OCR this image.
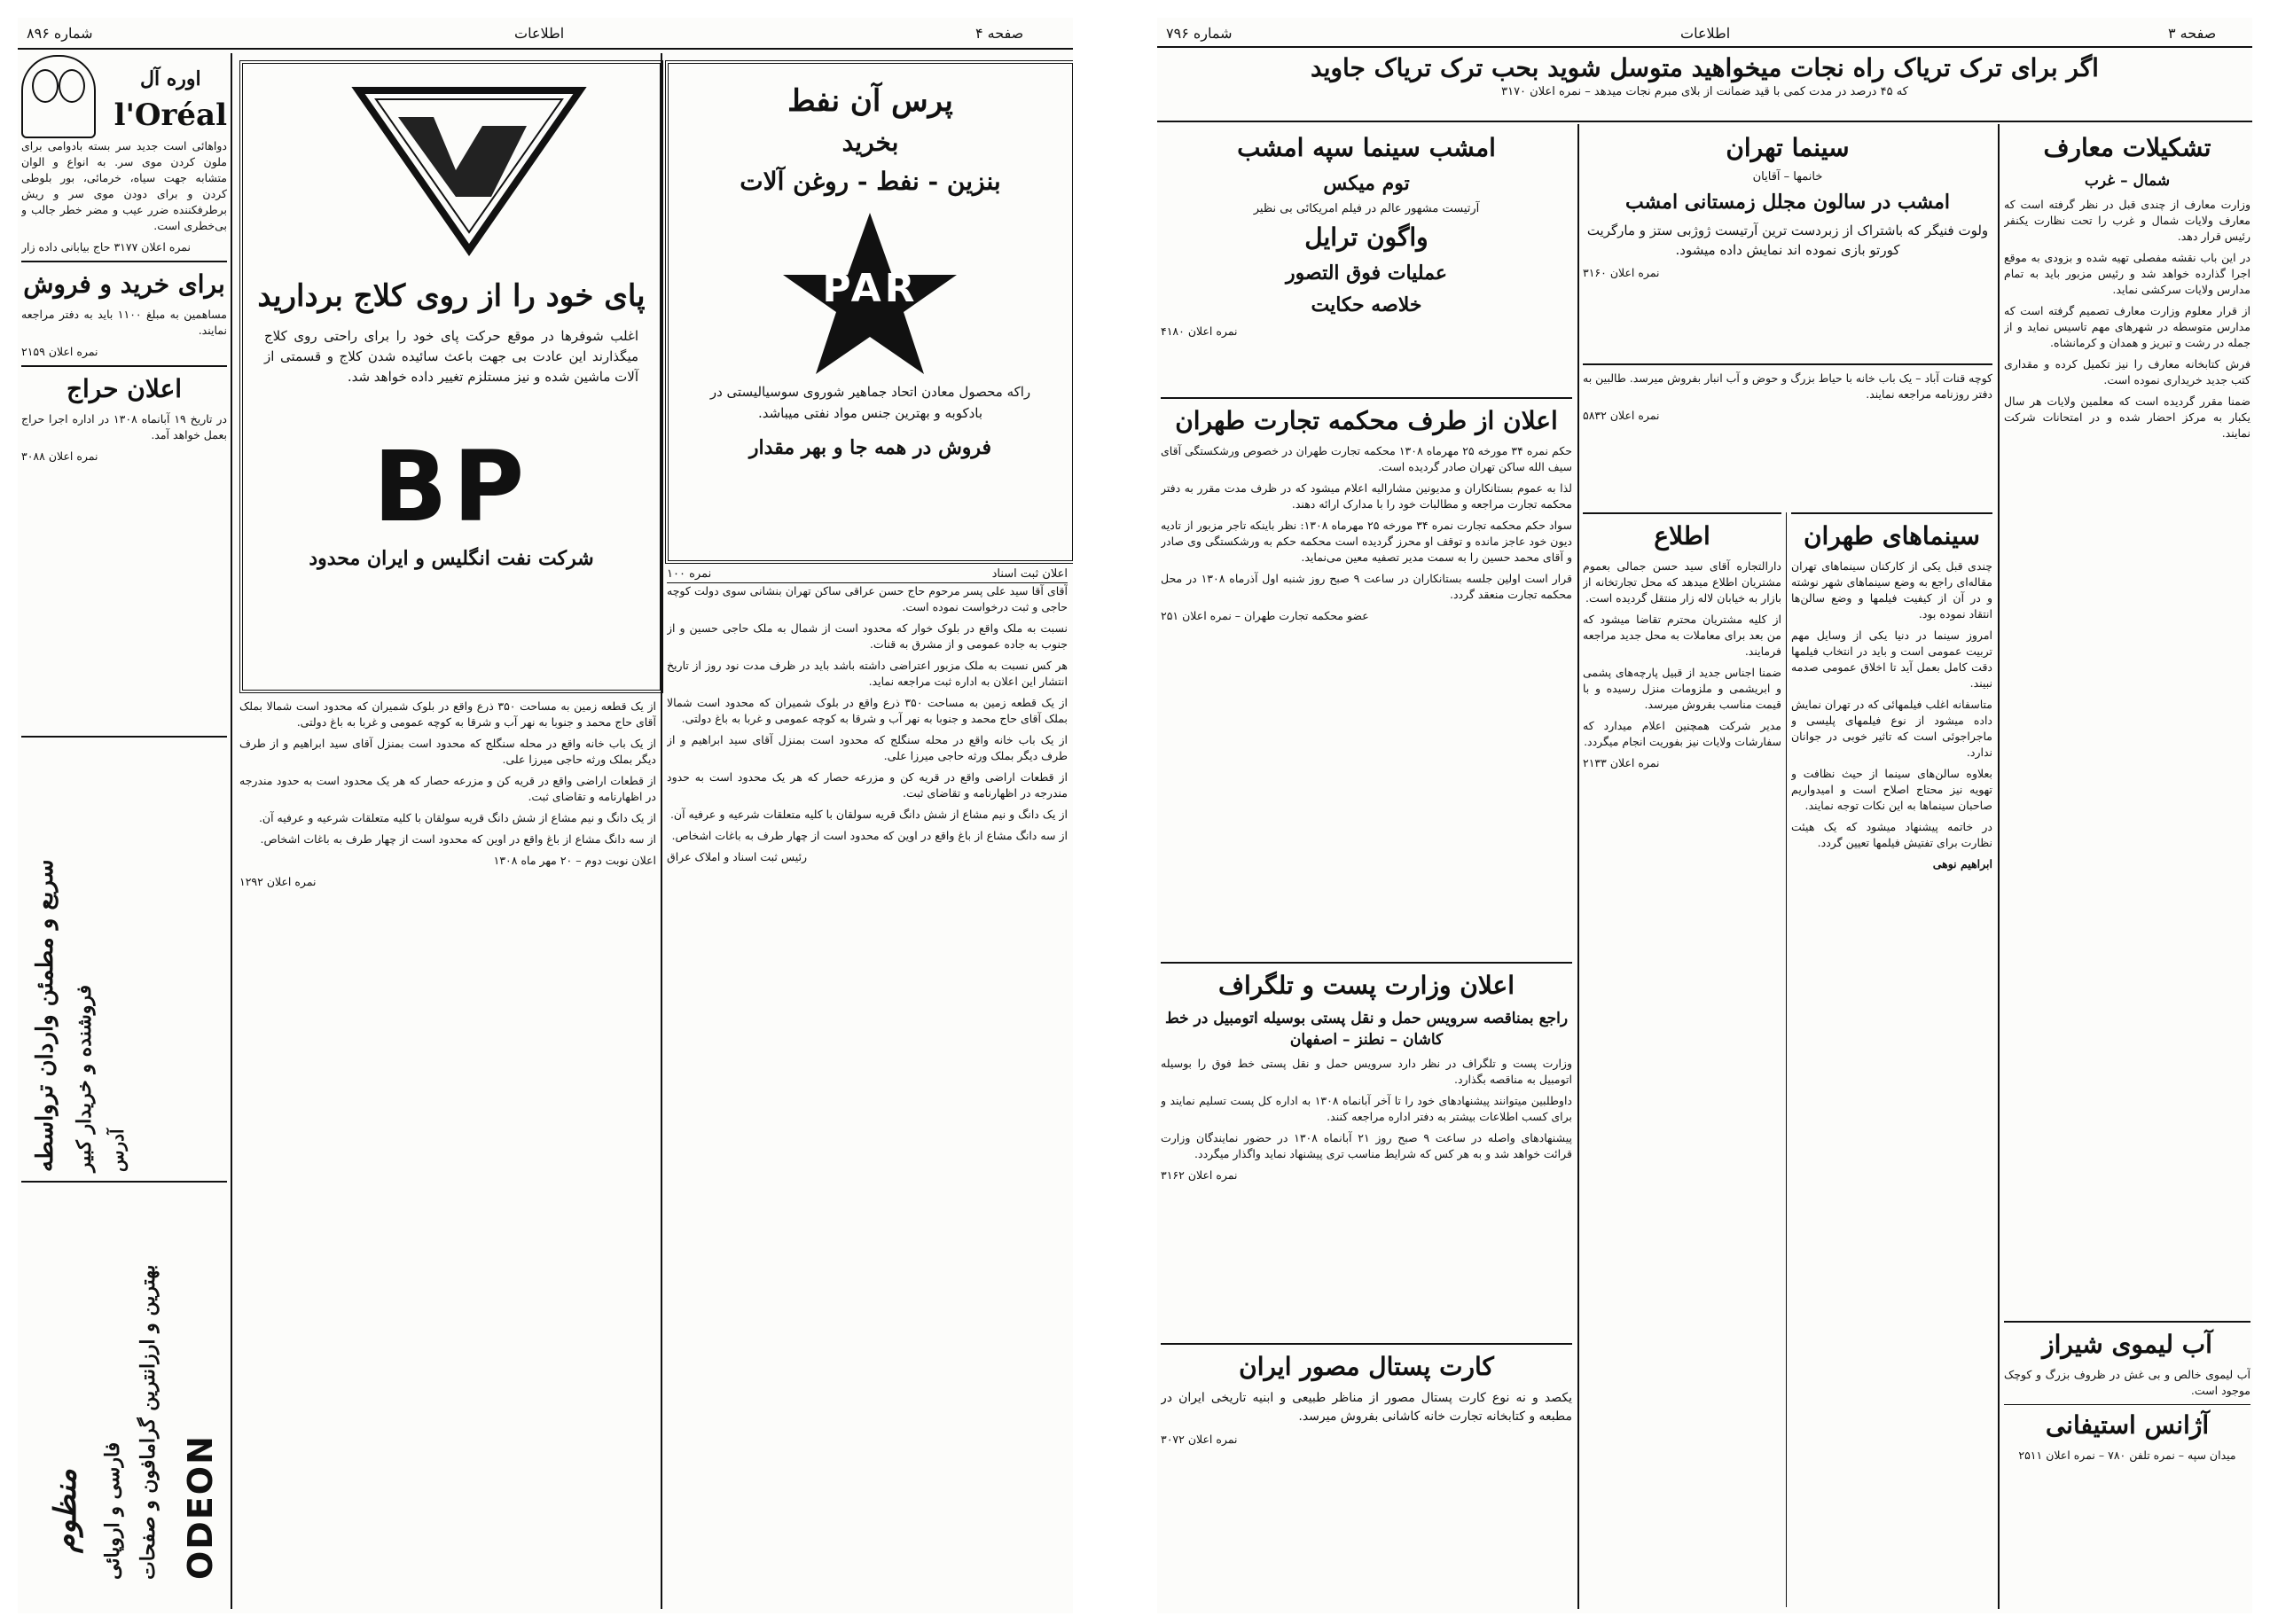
شماره ۸۹۶	اطلاعات	صفحه ۴
اوره آل
l'Oréal

دواهائی است جدید سر بسته بادوامی برای ملون کردن موی سر. به انواع و الوان متشابه جهت سیاه، خرمائی، بور بلوطی کردن و برای دودن موی سر و ریش برطرفکننده ضرر عیب و مضر خطر جالب و بی‌خطری است.

نمره اعلان ۳۱۷۷ حاج بیابانی داده زار

برای خرید و فروش

مساهمین به مبلغ ۱۱۰۰ باید به دفتر مراجعه نمایند.

نمره اعلان ۲۱۵۹

اعلان حراج

در تاریخ ۱۹ آبانماه ۱۳۰۸ در اداره اجرا حراج بعمل خواهد آمد.

نمره اعلان ۳۰۸۸

سریع و مطمئن واردان ترواسطه فروشنده و خریدار کبیر آدرس
ODEON
بهترین و ارزانترین گرامافون و صفحات
فارسی و اروپائی
منظوم
پای خود را از روی کلاج بردارید

اغلب شوفرها در موقع حرکت پای خود را برای راحتی روی کلاج میگذارند این عادت بی جهت باعث سائیده شدن کلاج و قسمتی از آلات ماشین شده و نیز مستلزم تغییر داده خواهد شد.

BP
شرکت نفت انگلیس و ایران محدود
پرس آن نفط
بخرید
بنزین - نفط - روغن آلات
PAR

راکه محصول معادن اتحاد جماهیر شوروی سوسیالیستی در بادکوبه و بهترین جنس مواد نفتی میباشد.

فروش در همه جا و بهر مقدار
اعلان ثبت اسناد
نمره ۱۰۰

آقای آقا سید علی پسر مرحوم حاج حسن عراقی ساکن تهران بنشانی سوی دولت کوچه حاجی و ثبت درخواست نموده است.

نسبت به ملک واقع در بلوک خوار که محدود است از شمال به ملک حاجی حسین و از جنوب به جاده عمومی و از مشرق به قنات.

هر کس نسبت به ملک مزبور اعتراضی داشته باشد باید در ظرف مدت نود روز از تاریخ انتشار این اعلان به اداره ثبت مراجعه نماید.

از یک قطعه زمین به مساحت ۳۵۰ ذرع واقع در بلوک شمیران که محدود است شمالا بملک آقای حاج محمد و جنوبا به نهر آب و شرقا به کوچه عمومی و غربا به باغ دولتی.

از یک باب خانه واقع در محله سنگلج که محدود است بمنزل آقای سید ابراهیم و از طرف دیگر بملک ورثه حاجی میرزا علی.

از قطعات اراضی واقع در قریه کن و مزرعه حصار که هر یک محدود است به حدود مندرجه در اظهارنامه و تقاضای ثبت.

از یک دانگ و نیم مشاع از شش دانگ قریه سولقان با کلیه متعلقات شرعیه و عرفیه آن.

از سه دانگ مشاع از باغ واقع در اوین که محدود است از چهار طرف به باغات اشخاص.

رئیس ثبت اسناد و املاک عراق

از یک قطعه زمین به مساحت ۳۵۰ ذرع واقع در بلوک شمیران که محدود است شمالا بملک آقای حاج محمد و جنوبا به نهر آب و شرقا به کوچه عمومی و غربا به باغ دولتی.

از یک باب خانه واقع در محله سنگلج که محدود است بمنزل آقای سید ابراهیم و از طرف دیگر بملک ورثه حاجی میرزا علی.

از قطعات اراضی واقع در قریه کن و مزرعه حصار که هر یک محدود است به حدود مندرجه در اظهارنامه و تقاضای ثبت.

از یک دانگ و نیم مشاع از شش دانگ قریه سولقان با کلیه متعلقات شرعیه و عرفیه آن.

از سه دانگ مشاع از باغ واقع در اوین که محدود است از چهار طرف به باغات اشخاص.

اعلان نوبت دوم – ۲۰ مهر ماه ۱۳۰۸

نمره اعلان ۱۲۹۲

شماره ۷۹۶	اطلاعات	صفحه ۳
اگر برای ترک تریاک راه نجات میخواهید متوسل شوید بحب ترک تریاک جاوید
که ۴۵ درصد در مدت کمی با قید ضمانت از بلای مبرم نجات میدهد – نمره اعلان ۳۱۷۰
تشکیلات معارف
شمال – غرب

وزارت معارف از چندی قبل در نظر گرفته است که معارف ولایات شمال و غرب را تحت نظارت یکنفر رئیس قرار دهد.

در این باب نقشه مفصلی تهیه شده و بزودی به موقع اجرا گذارده خواهد شد و رئیس مزبور باید به تمام مدارس ولایات سرکشی نماید.

از قرار معلوم وزارت معارف تصمیم گرفته است که مدارس متوسطه در شهرهای مهم تاسیس نماید و از جمله در رشت و تبریز و همدان و کرمانشاه.

فرش کتابخانه معارف را نیز تکمیل کرده و مقداری کتب جدید خریداری نموده است.

ضمنا مقرر گردیده است که معلمین ولایات هر سال یکبار به مرکز احضار شده و در امتحانات شرکت نمایند.

آب لیموی شیراز

آب لیموی خالص و بی غش در ظروف بزرگ و کوچک موجود است.

آژانس استیفانی

میدان سپه – نمره تلفن ۷۸۰ – نمره اعلان ۲۵۱۱

سینما تهران
خانمها – آقایان
امشب در سالون مجلل زمستانی امشب

ولوت فنیگر که باشتراک از زبردست ترین آرتیست ژوژبی ستز و مارگریت کورتو بازی نموده اند نمایش داده میشود.

نمره اعلان ۳۱۶۰

کوچه قنات آباد – یک باب خانه با حیاط بزرگ و حوض و آب انبار بفروش میرسد. طالبین به دفتر روزنامه مراجعه نمایند.

نمره اعلان ۵۸۳۲

سینماهای طهران

چندی قبل یکی از کارکنان سینماهای تهران مقاله‌ای راجع به وضع سینماهای شهر نوشته و در آن از کیفیت فیلمها و وضع سالن‌ها انتقاد نموده بود.

امروز سینما در دنیا یکی از وسایل مهم تربیت عمومی است و باید در انتخاب فیلمها دقت کامل بعمل آید تا اخلاق عمومی صدمه نبیند.

متاسفانه اغلب فیلمهائی که در تهران نمایش داده میشود از نوع فیلمهای پلیسی و ماجراجوئی است که تاثیر خوبی در جوانان ندارد.

بعلاوه سالن‌های سینما از حیث نظافت و تهویه نیز محتاج اصلاح است و امیدواریم صاحبان سینماها به این نکات توجه نمایند.

در خاتمه پیشنهاد میشود که یک هیئت نظارت برای تفتیش فیلمها تعیین گردد.

ابراهیم نوهی

اطلاع

دارالتجاره آقای سید حسن جمالی بعموم مشتریان اطلاع میدهد که محل تجارتخانه از بازار به خیابان لاله زار منتقل گردیده است.

از کلیه مشتریان محترم تقاضا میشود که من بعد برای معاملات به محل جدید مراجعه فرمایند.

ضمنا اجناس جدید از قبیل پارچه‌های پشمی و ابریشمی و ملزومات منزل رسیده و با قیمت مناسب بفروش میرسد.

مدیر شرکت همچنین اعلام میدارد که سفارشات ولایات نیز بفوریت انجام میگردد.

نمره اعلان ۲۱۳۳

امشب سینما سپه امشب
توم میکس
آرتیست مشهور عالم در فیلم امریکائی بی نظیر
واگون ترایل
عملیات فوق التصور
خلاصه حکایت

نمره اعلان ۴۱۸۰

اعلان از طرف محکمه تجارت طهران

حکم نمره ۳۴ مورخه ۲۵ مهرماه ۱۳۰۸ محکمه تجارت طهران در خصوص ورشکستگی آقای سیف الله ساکن تهران صادر گردیده است.

لذا به عموم بستانکاران و مدیونین مشارالیه اعلام میشود که در ظرف مدت مقرر به دفتر محکمه تجارت مراجعه و مطالبات خود را با مدارک ارائه دهند.

سواد حکم محکمه تجارت نمره ۳۴ مورخه ۲۵ مهرماه ۱۳۰۸: نظر باینکه تاجر مزبور از تادیه دیون خود عاجز مانده و توقف او محرز گردیده است محکمه حکم به ورشکستگی وی صادر و آقای محمد حسین را به سمت مدیر تصفیه معین می‌نماید.

قرار است اولین جلسه بستانکاران در ساعت ۹ صبح روز شنبه اول آذرماه ۱۳۰۸ در محل محکمه تجارت منعقد گردد.

عضو محکمه تجارت طهران – نمره اعلان ۲۵۱

اعلان وزارت پست و تلگراف
راجع بمناقصه سرویس حمل و نقل پستی بوسیله اتومبیل در خط کاشان – نطنز – اصفهان

وزارت پست و تلگراف در نظر دارد سرویس حمل و نقل پستی خط فوق را بوسیله اتومبیل به مناقصه بگذارد.

داوطلبین میتوانند پیشنهادهای خود را تا آخر آبانماه ۱۳۰۸ به اداره کل پست تسلیم نمایند و برای کسب اطلاعات بیشتر به دفتر اداره مراجعه کنند.

پیشنهادهای واصله در ساعت ۹ صبح روز ۲۱ آبانماه ۱۳۰۸ در حضور نمایندگان وزارت قرائت خواهد شد و به هر کس که شرایط مناسب تری پیشنهاد نماید واگذار میگردد.

نمره اعلان ۳۱۶۲

کارت پستال مصور ایران

یکصد و نه نوع کارت پستال مصور از مناظر طبیعی و ابنیه تاریخی ایران در مطبعه و کتابخانه تجارت خانه کاشانی بفروش میرسد.

نمره اعلان ۳۰۷۲
